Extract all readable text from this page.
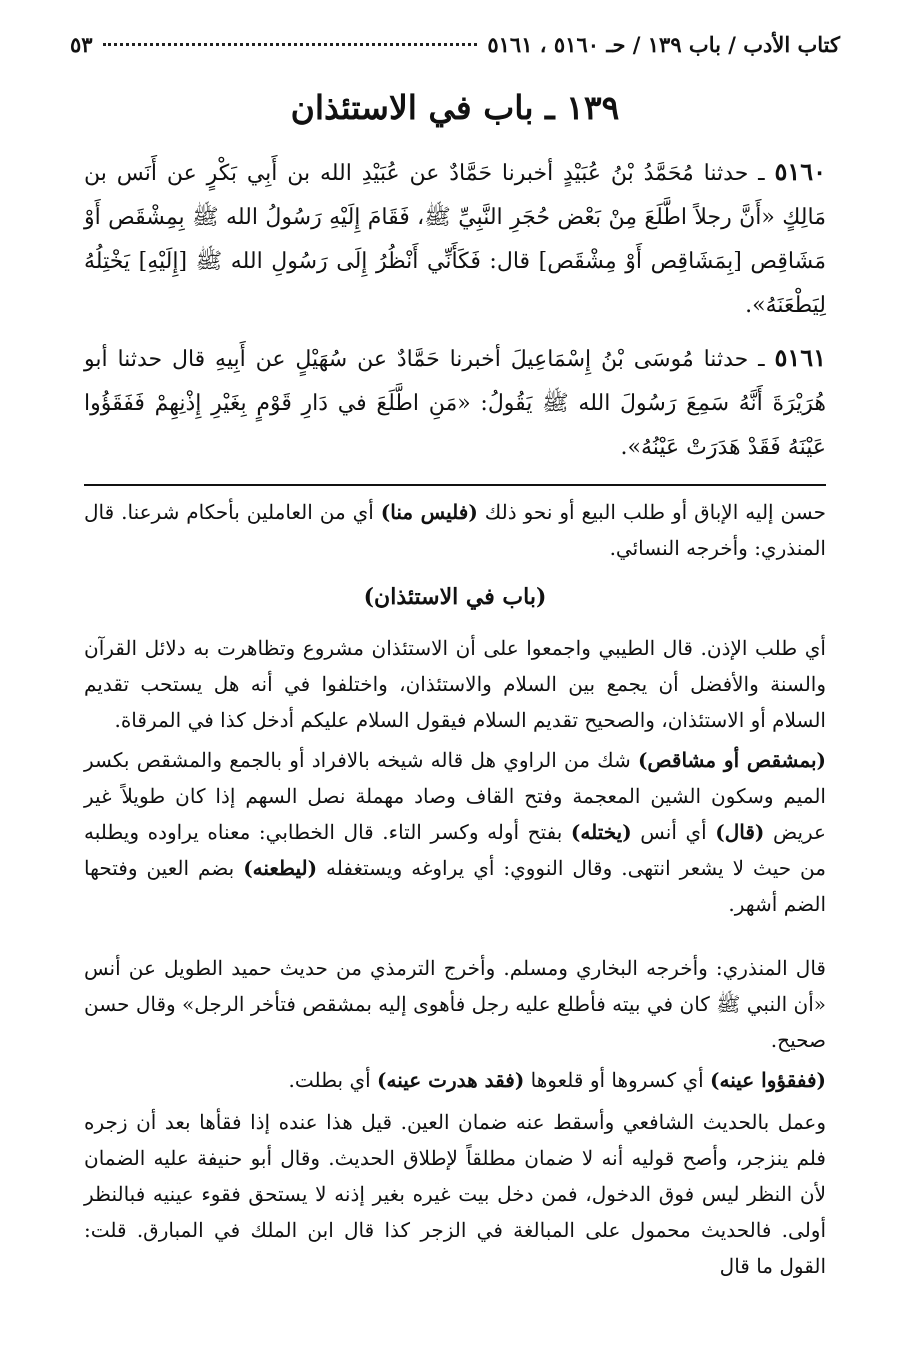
كتاب الأدب / باب ١٣٩ / حـ ٥١٦٠ ، ٥١٦١
٥٣
١٣٩ ـ باب في الاستئذان
٥١٦٠ ـ حدثنا مُحَمَّدُ بْنُ عُبَيْدٍ أخبرنا حَمَّادٌ عن عُبَيْدِ الله بن أَبِي بَكْرٍ عن أَنَس بن مَالِكٍ «أَنَّ رجلاً اطَّلَعَ مِنْ بَعْض حُجَرِ النَّبِيِّ ﷺ، فَقَامَ إِلَيْهِ رَسُولُ الله ﷺ بِمِشْقَص أَوْ مَشَاقِص [بِمَشَاقِص أَوْ مِشْقَص] قال: فَكَأَنِّي أَنْظُرُ إِلَى رَسُولِ الله ﷺ [إِلَيْهِ] يَخْتِلُهُ لِيَطْعَنَهُ».
٥١٦١ ـ حدثنا مُوسَى بْنُ إِسْمَاعِيلَ أخبرنا حَمَّادٌ عن سُهَيْلٍ عن أَبِيهِ قال حدثنا أبو هُرَيْرَةَ أَنَّهُ سَمِعَ رَسُولَ الله ﷺ يَقُولُ: «مَنِ اطَّلَعَ في دَارِ قَوْمٍ بِغَيْرِ إِذْنِهِمْ فَفَقَؤُوا عَيْنَهُ فَقَدْ هَدَرَتْ عَيْنُهُ».
حسن إليه الإباق أو طلب البيع أو نحو ذلك (فليس منا) أي من العاملين بأحكام شرعنا. قال المنذري: وأخرجه النسائي.
(باب في الاستئذان)
أي طلب الإذن. قال الطيبي واجمعوا على أن الاستئذان مشروع وتظاهرت به دلائل القرآن والسنة والأفضل أن يجمع بين السلام والاستئذان، واختلفوا في أنه هل يستحب تقديم السلام أو الاستئذان، والصحيح تقديم السلام فيقول السلام عليكم أدخل كذا في المرقاة.
(بمشقص أو مشاقص) شك من الراوي هل قاله شيخه بالافراد أو بالجمع والمشقص بكسر الميم وسكون الشين المعجمة وفتح القاف وصاد مهملة نصل السهم إذا كان طويلاً غير عريض (قال) أي أنس (يختله) بفتح أوله وكسر التاء. قال الخطابي: معناه يراوده ويطلبه من حيث لا يشعر انتهى. وقال النووي: أي يراوغه ويستغفله (ليطعنه) بضم العين وفتحها الضم أشهر.
قال المنذري: وأخرجه البخاري ومسلم. وأخرج الترمذي من حديث حميد الطويل عن أنس «أن النبي ﷺ كان في بيته فأطلع عليه رجل فأهوى إليه بمشقص فتأخر الرجل» وقال حسن صحيح.
(ففقؤوا عينه) أي كسروها أو قلعوها (فقد هدرت عينه) أي بطلت.
وعمل بالحديث الشافعي وأسقط عنه ضمان العين. قيل هذا عنده إذا فقأها بعد أن زجره فلم ينزجر، وأصح قوليه أنه لا ضمان مطلقاً لإطلاق الحديث. وقال أبو حنيفة عليه الضمان لأن النظر ليس فوق الدخول، فمن دخل بيت غيره بغير إذنه لا يستحق فقوء عينيه فبالنظر أولى. فالحديث محمول على المبالغة في الزجر كذا قال ابن الملك في المبارق. قلت: القول ما قال
